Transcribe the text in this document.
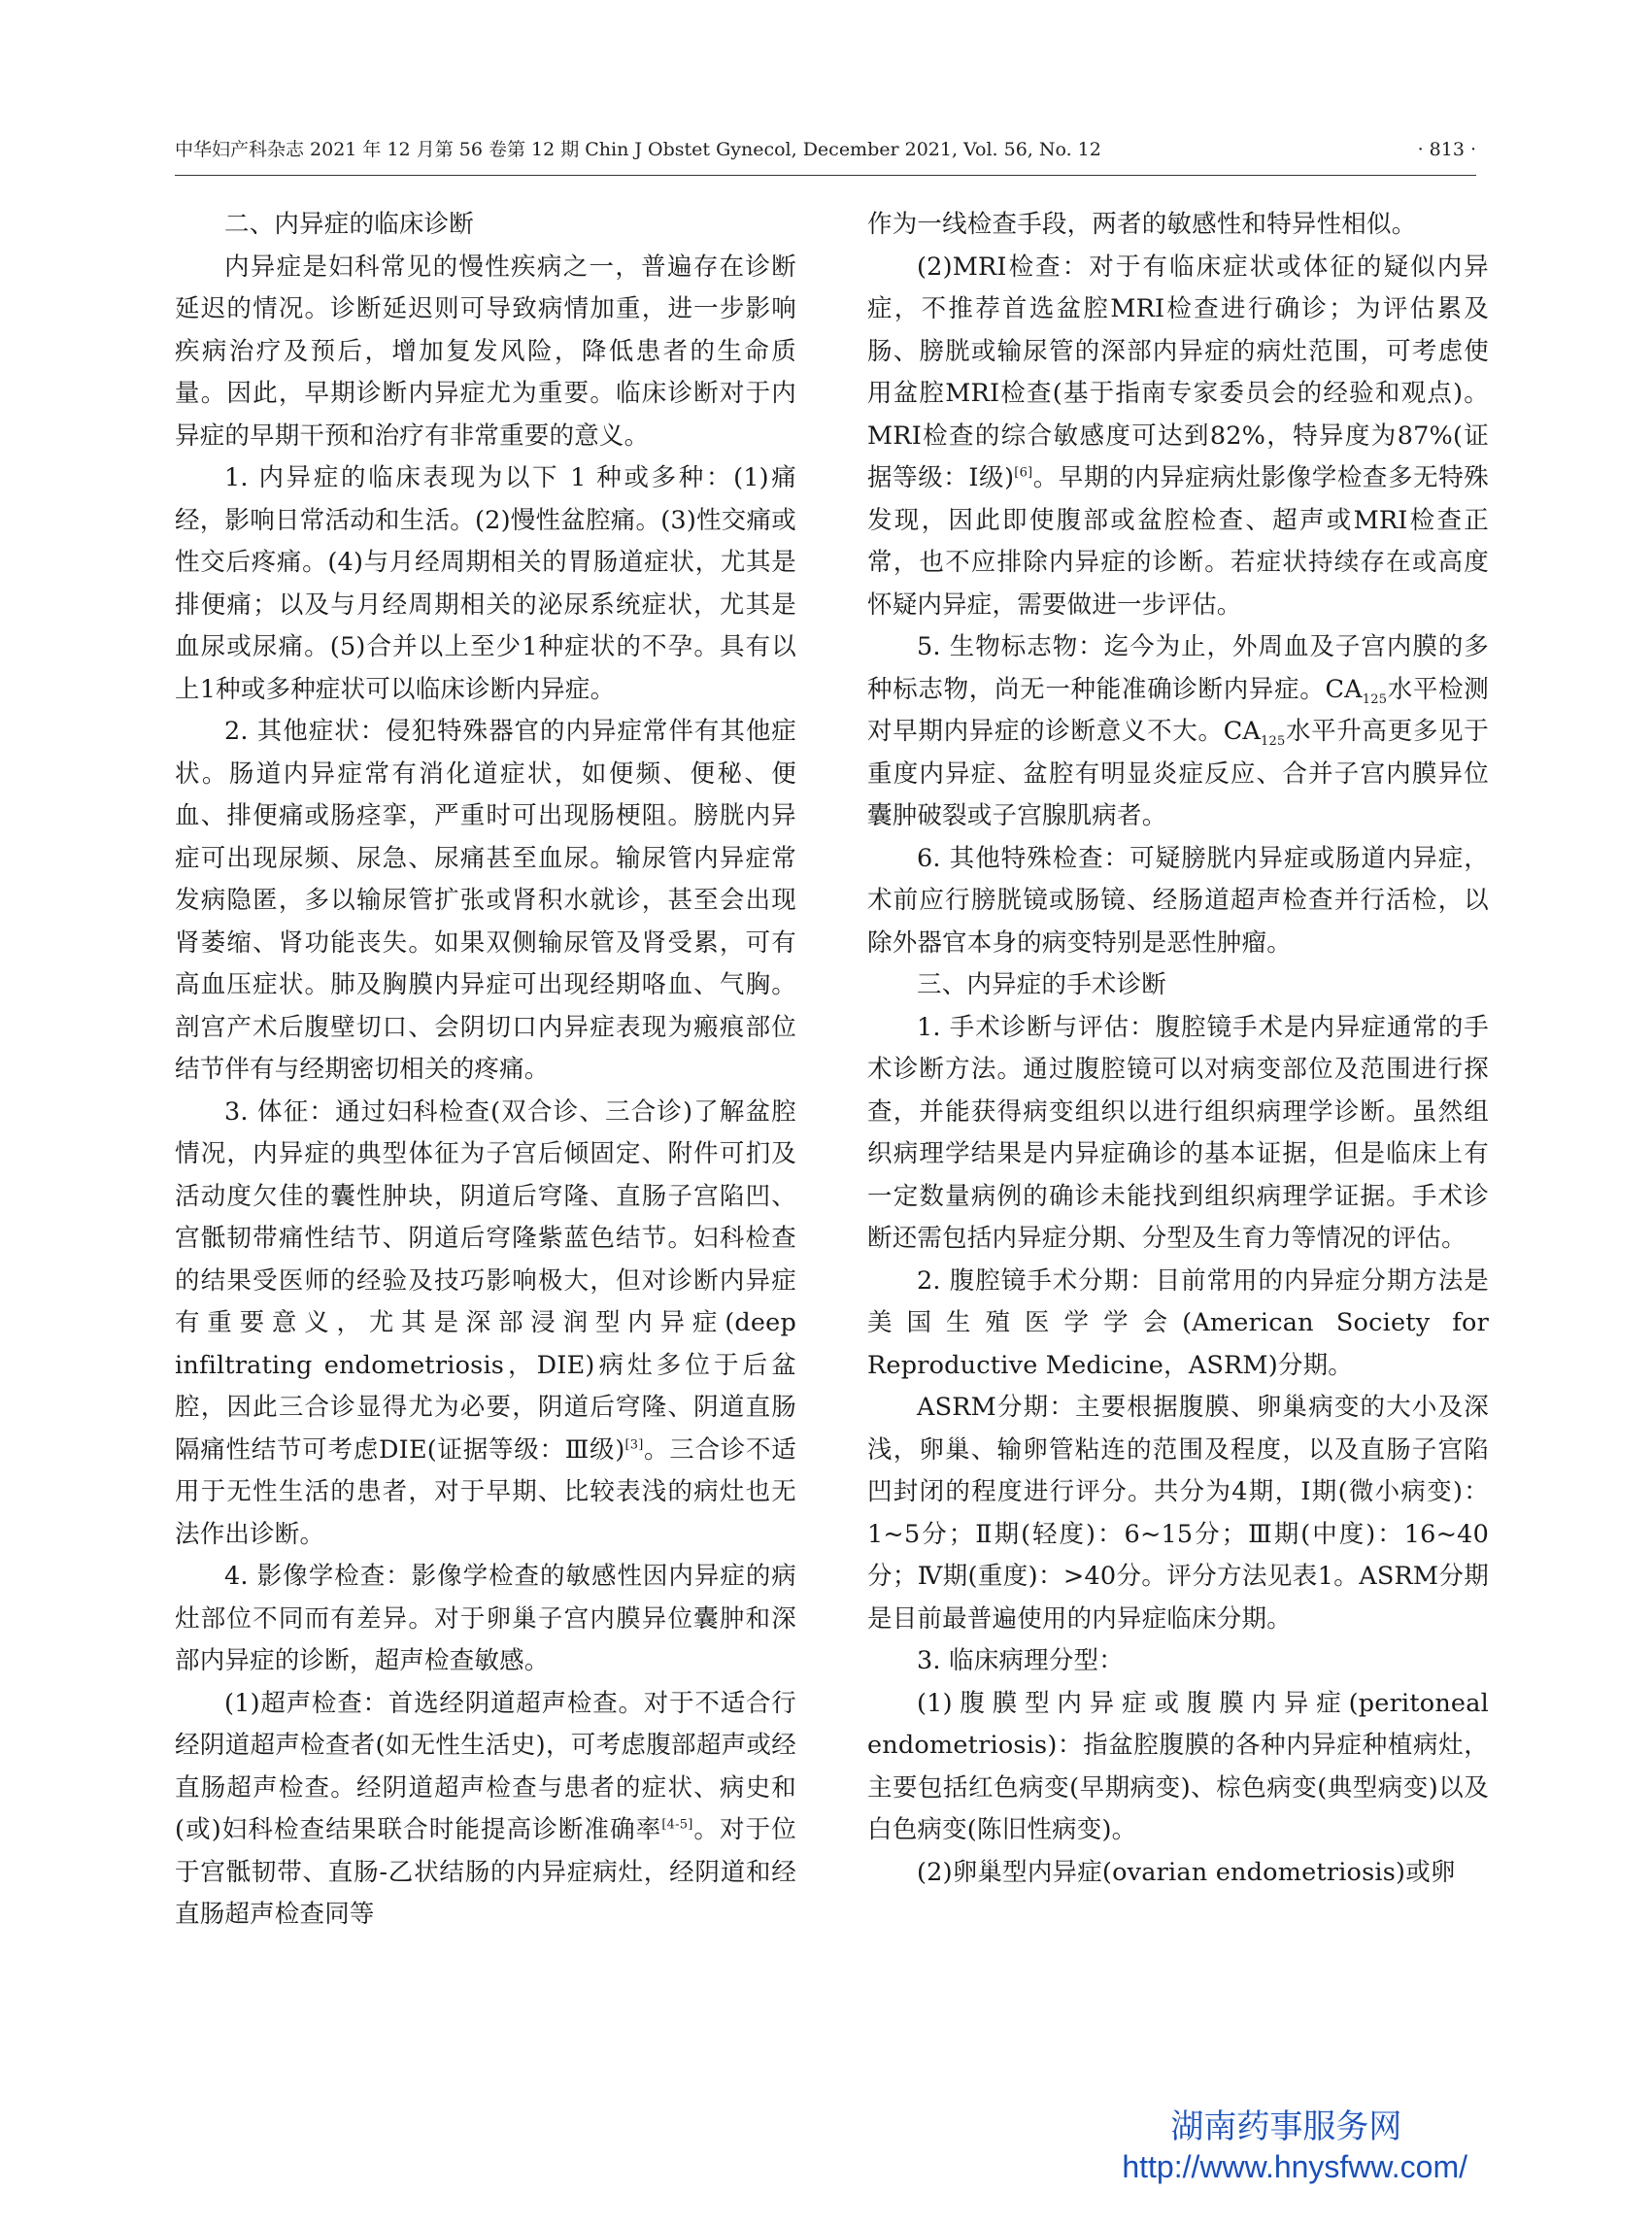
中华妇产科杂志 2021 年 12 月第 56 卷第 12 期 Chin J Obstet Gynecol, December 2021, Vol. 56, No. 12	· 813 ·

二、内异症的临床诊断

内异症是妇科常见的慢性疾病之一，普遍存在诊断延迟的情况。诊断延迟则可导致病情加重，进一步影响疾病治疗及预后，增加复发风险，降低患者的生命质量。因此，早期诊断内异症尤为重要。临床诊断对于内异症的早期干预和治疗有非常重要的意义。

1. 内异症的临床表现为以下 1 种或多种：(1)痛经，影响日常活动和生活。(2)慢性盆腔痛。(3)性交痛或性交后疼痛。(4)与月经周期相关的胃肠道症状，尤其是排便痛；以及与月经周期相关的泌尿系统症状，尤其是血尿或尿痛。(5)合并以上至少1种症状的不孕。具有以上1种或多种症状可以临床诊断内异症。

2. 其他症状：侵犯特殊器官的内异症常伴有其他症状。肠道内异症常有消化道症状，如便频、便秘、便血、排便痛或肠痉挛，严重时可出现肠梗阻。膀胱内异症可出现尿频、尿急、尿痛甚至血尿。输尿管内异症常发病隐匿，多以输尿管扩张或肾积水就诊，甚至会出现肾萎缩、肾功能丧失。如果双侧输尿管及肾受累，可有高血压症状。肺及胸膜内异症可出现经期咯血、气胸。剖宫产术后腹壁切口、会阴切口内异症表现为瘢痕部位结节伴有与经期密切相关的疼痛。

3. 体征：通过妇科检查(双合诊、三合诊)了解盆腔情况，内异症的典型体征为子宫后倾固定、附件可扪及活动度欠佳的囊性肿块，阴道后穹隆、直肠子宫陷凹、宫骶韧带痛性结节、阴道后穹隆紫蓝色结节。妇科检查的结果受医师的经验及技巧影响极大，但对诊断内异症有重要意义，尤其是深部浸润型内异症(deep infiltrating endometriosis，DIE)病灶多位于后盆腔，因此三合诊显得尤为必要，阴道后穹隆、阴道直肠隔痛性结节可考虑DIE(证据等级：Ⅲ级)[3]。三合诊不适用于无性生活的患者，对于早期、比较表浅的病灶也无法作出诊断。

4. 影像学检查：影像学检查的敏感性因内异症的病灶部位不同而有差异。对于卵巢子宫内膜异位囊肿和深部内异症的诊断，超声检查敏感。

(1)超声检查：首选经阴道超声检查。对于不适合行经阴道超声检查者(如无性生活史)，可考虑腹部超声或经直肠超声检查。经阴道超声检查与患者的症状、病史和(或)妇科检查结果联合时能提高诊断准确率[4-5]。对于位于宫骶韧带、直肠-乙状结肠的内异症病灶，经阴道和经直肠超声检查同等

作为一线检查手段，两者的敏感性和特异性相似。

(2)MRI检查：对于有临床症状或体征的疑似内异症，不推荐首选盆腔MRI检查进行确诊；为评估累及肠、膀胱或输尿管的深部内异症的病灶范围，可考虑使用盆腔MRI检查(基于指南专家委员会的经验和观点)。MRI检查的综合敏感度可达到82%，特异度为87%(证据等级：Ⅰ级)[6]。早期的内异症病灶影像学检查多无特殊发现，因此即使腹部或盆腔检查、超声或MRI检查正常，也不应排除内异症的诊断。若症状持续存在或高度怀疑内异症，需要做进一步评估。

5. 生物标志物：迄今为止，外周血及子宫内膜的多种标志物，尚无一种能准确诊断内异症。$CA_{125}$水平检测对早期内异症的诊断意义不大。$CA_{125}$水平升高更多见于重度内异症、盆腔有明显炎症反应、合并子宫内膜异位囊肿破裂或子宫腺肌病者。

6. 其他特殊检查：可疑膀胱内异症或肠道内异症，术前应行膀胱镜或肠镜、经肠道超声检查并行活检，以除外器官本身的病变特别是恶性肿瘤。

三、内异症的手术诊断

1. 手术诊断与评估：腹腔镜手术是内异症通常的手术诊断方法。通过腹腔镜可以对病变部位及范围进行探查，并能获得病变组织以进行组织病理学诊断。虽然组织病理学结果是内异症确诊的基本证据，但是临床上有一定数量病例的确诊未能找到组织病理学证据。手术诊断还需包括内异症分期、分型及生育力等情况的评估。

2. 腹腔镜手术分期：目前常用的内异症分期方法是美国生殖医学学会(American Society for Reproductive Medicine，ASRM)分期。

ASRM分期：主要根据腹膜、卵巢病变的大小及深浅，卵巢、输卵管粘连的范围及程度，以及直肠子宫陷凹封闭的程度进行评分。共分为4期，Ⅰ期(微小病变)：1~5分；Ⅱ期(轻度)：6~15分；Ⅲ期(中度)：16~40分；Ⅳ期(重度)：>40分。评分方法见表1。ASRM分期是目前最普遍使用的内异症临床分期。

3. 临床病理分型：

(1)腹膜型内异症或腹膜内异症(peritoneal endometriosis)：指盆腔腹膜的各种内异症种植病灶，主要包括红色病变(早期病变)、棕色病变(典型病变)以及白色病变(陈旧性病变)。

(2)卵巢型内异症(ovarian endometriosis)或卵

湖南药事服务网
http://www.hnysfww.com/
